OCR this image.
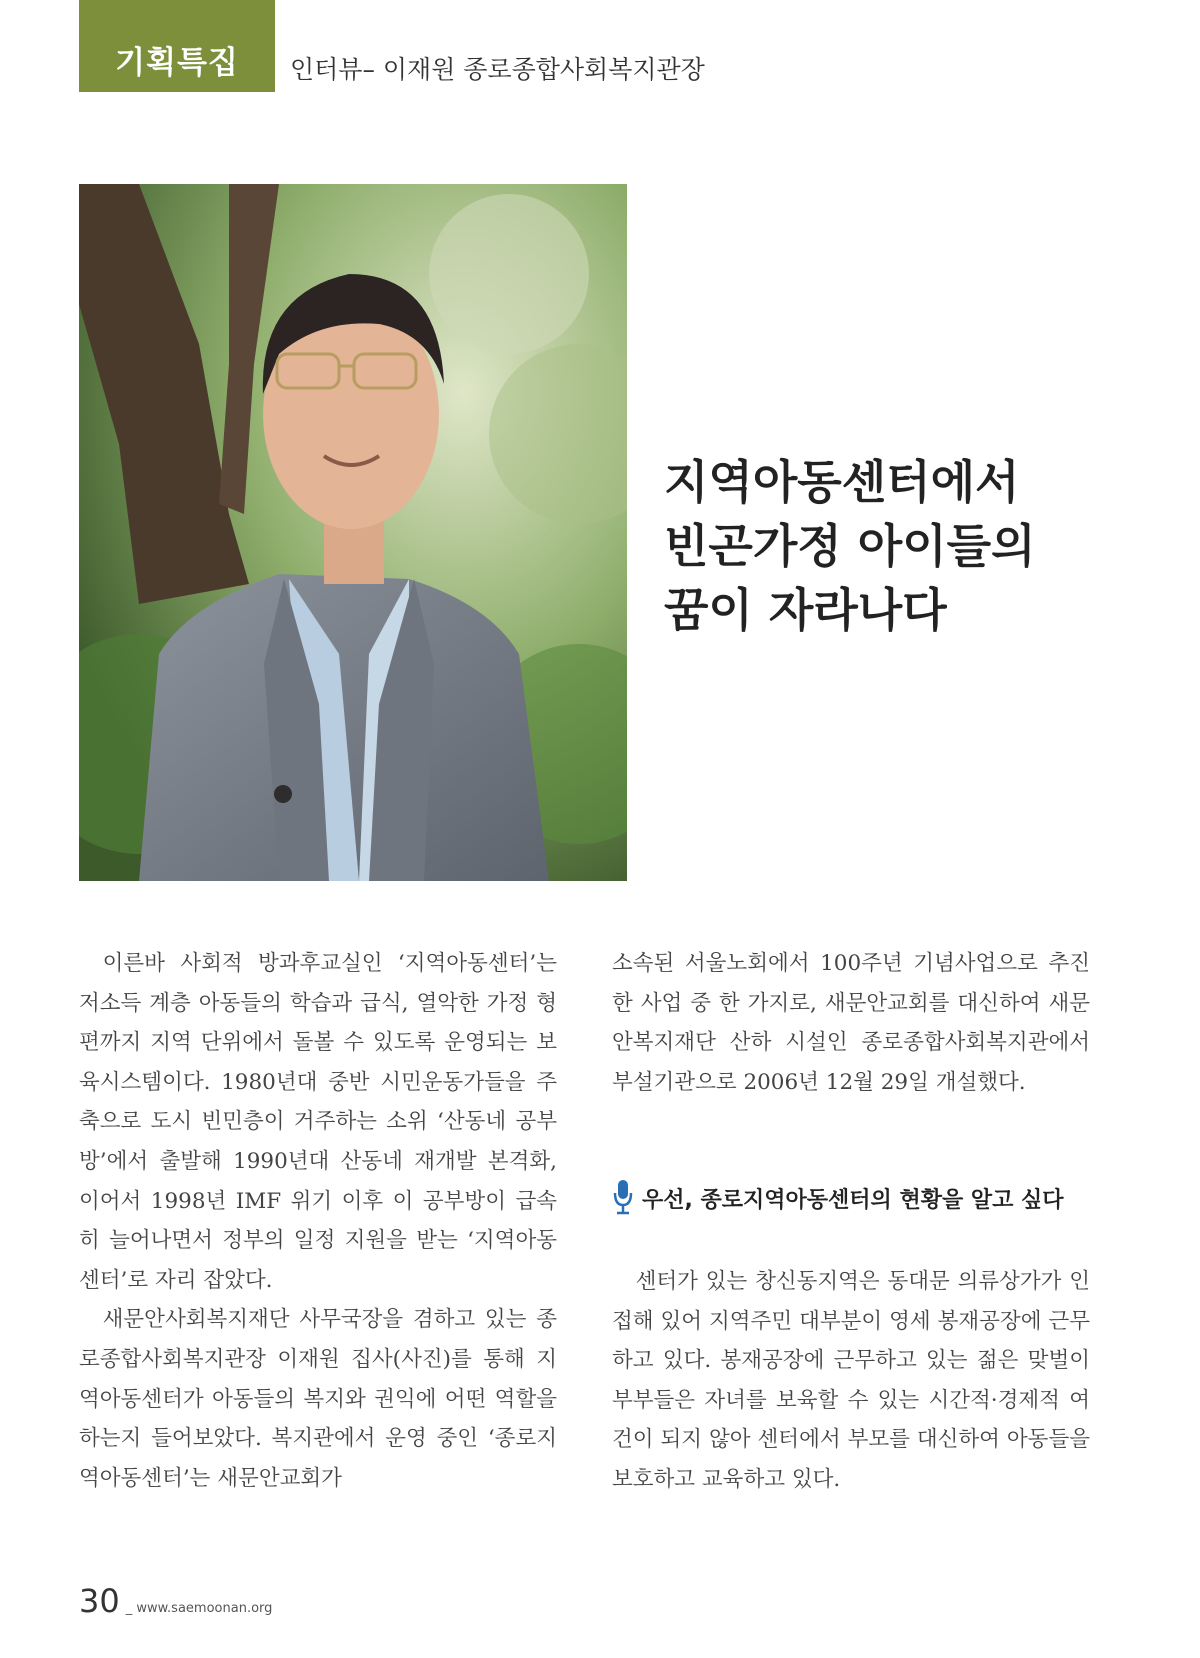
기획특집	인터뷰– 이재원 종로종합사회복지관장
지역아동센터에서
빈곤가정 아이들의
꿈이 자라나다

이른바 사회적 방과후교실인 ‘지역아동센터’는 저소득 계층 아동들의 학습과 급식, 열악한 가정 형편까지 지역 단위에서 돌볼 수 있도록 운영되는 보육시스템이다. 1980년대 중반 시민운동가들을 주축으로 도시 빈민층이 거주하는 소위 ‘산동네 공부방’에서 출발해 1990년대 산동네 재개발 본격화, 이어서 1998년 IMF 위기 이후 이 공부방이 급속히 늘어나면서 정부의 일정 지원을 받는 ‘지역아동센터’로 자리 잡았다.

새문안사회복지재단 사무국장을 겸하고 있는 종로종합사회복지관장 이재원 집사(사진)를 통해 지역아동센터가 아동들의 복지와 권익에 어떤 역할을 하는지 들어보았다. 복지관에서 운영 중인 ‘종로지역아동센터’는 새문안교회가

소속된 서울노회에서 100주년 기념사업으로 추진한 사업 중 한 가지로, 새문안교회를 대신하여 새문안복지재단 산하 시설인 종로종합사회복지관에서 부설기관으로 2006년 12월 29일 개설했다.

우선, 종로지역아동센터의 현황을 알고 싶다

센터가 있는 창신동지역은 동대문 의류상가가 인접해 있어 지역주민 대부분이 영세 봉재공장에 근무하고 있다. 봉재공장에 근무하고 있는 젊은 맞벌이 부부들은 자녀를 보육할 수 있는 시간적·경제적 여건이 되지 않아 센터에서 부모를 대신하여 아동들을 보호하고 교육하고 있다.

30 _ www.saemoonan.org
